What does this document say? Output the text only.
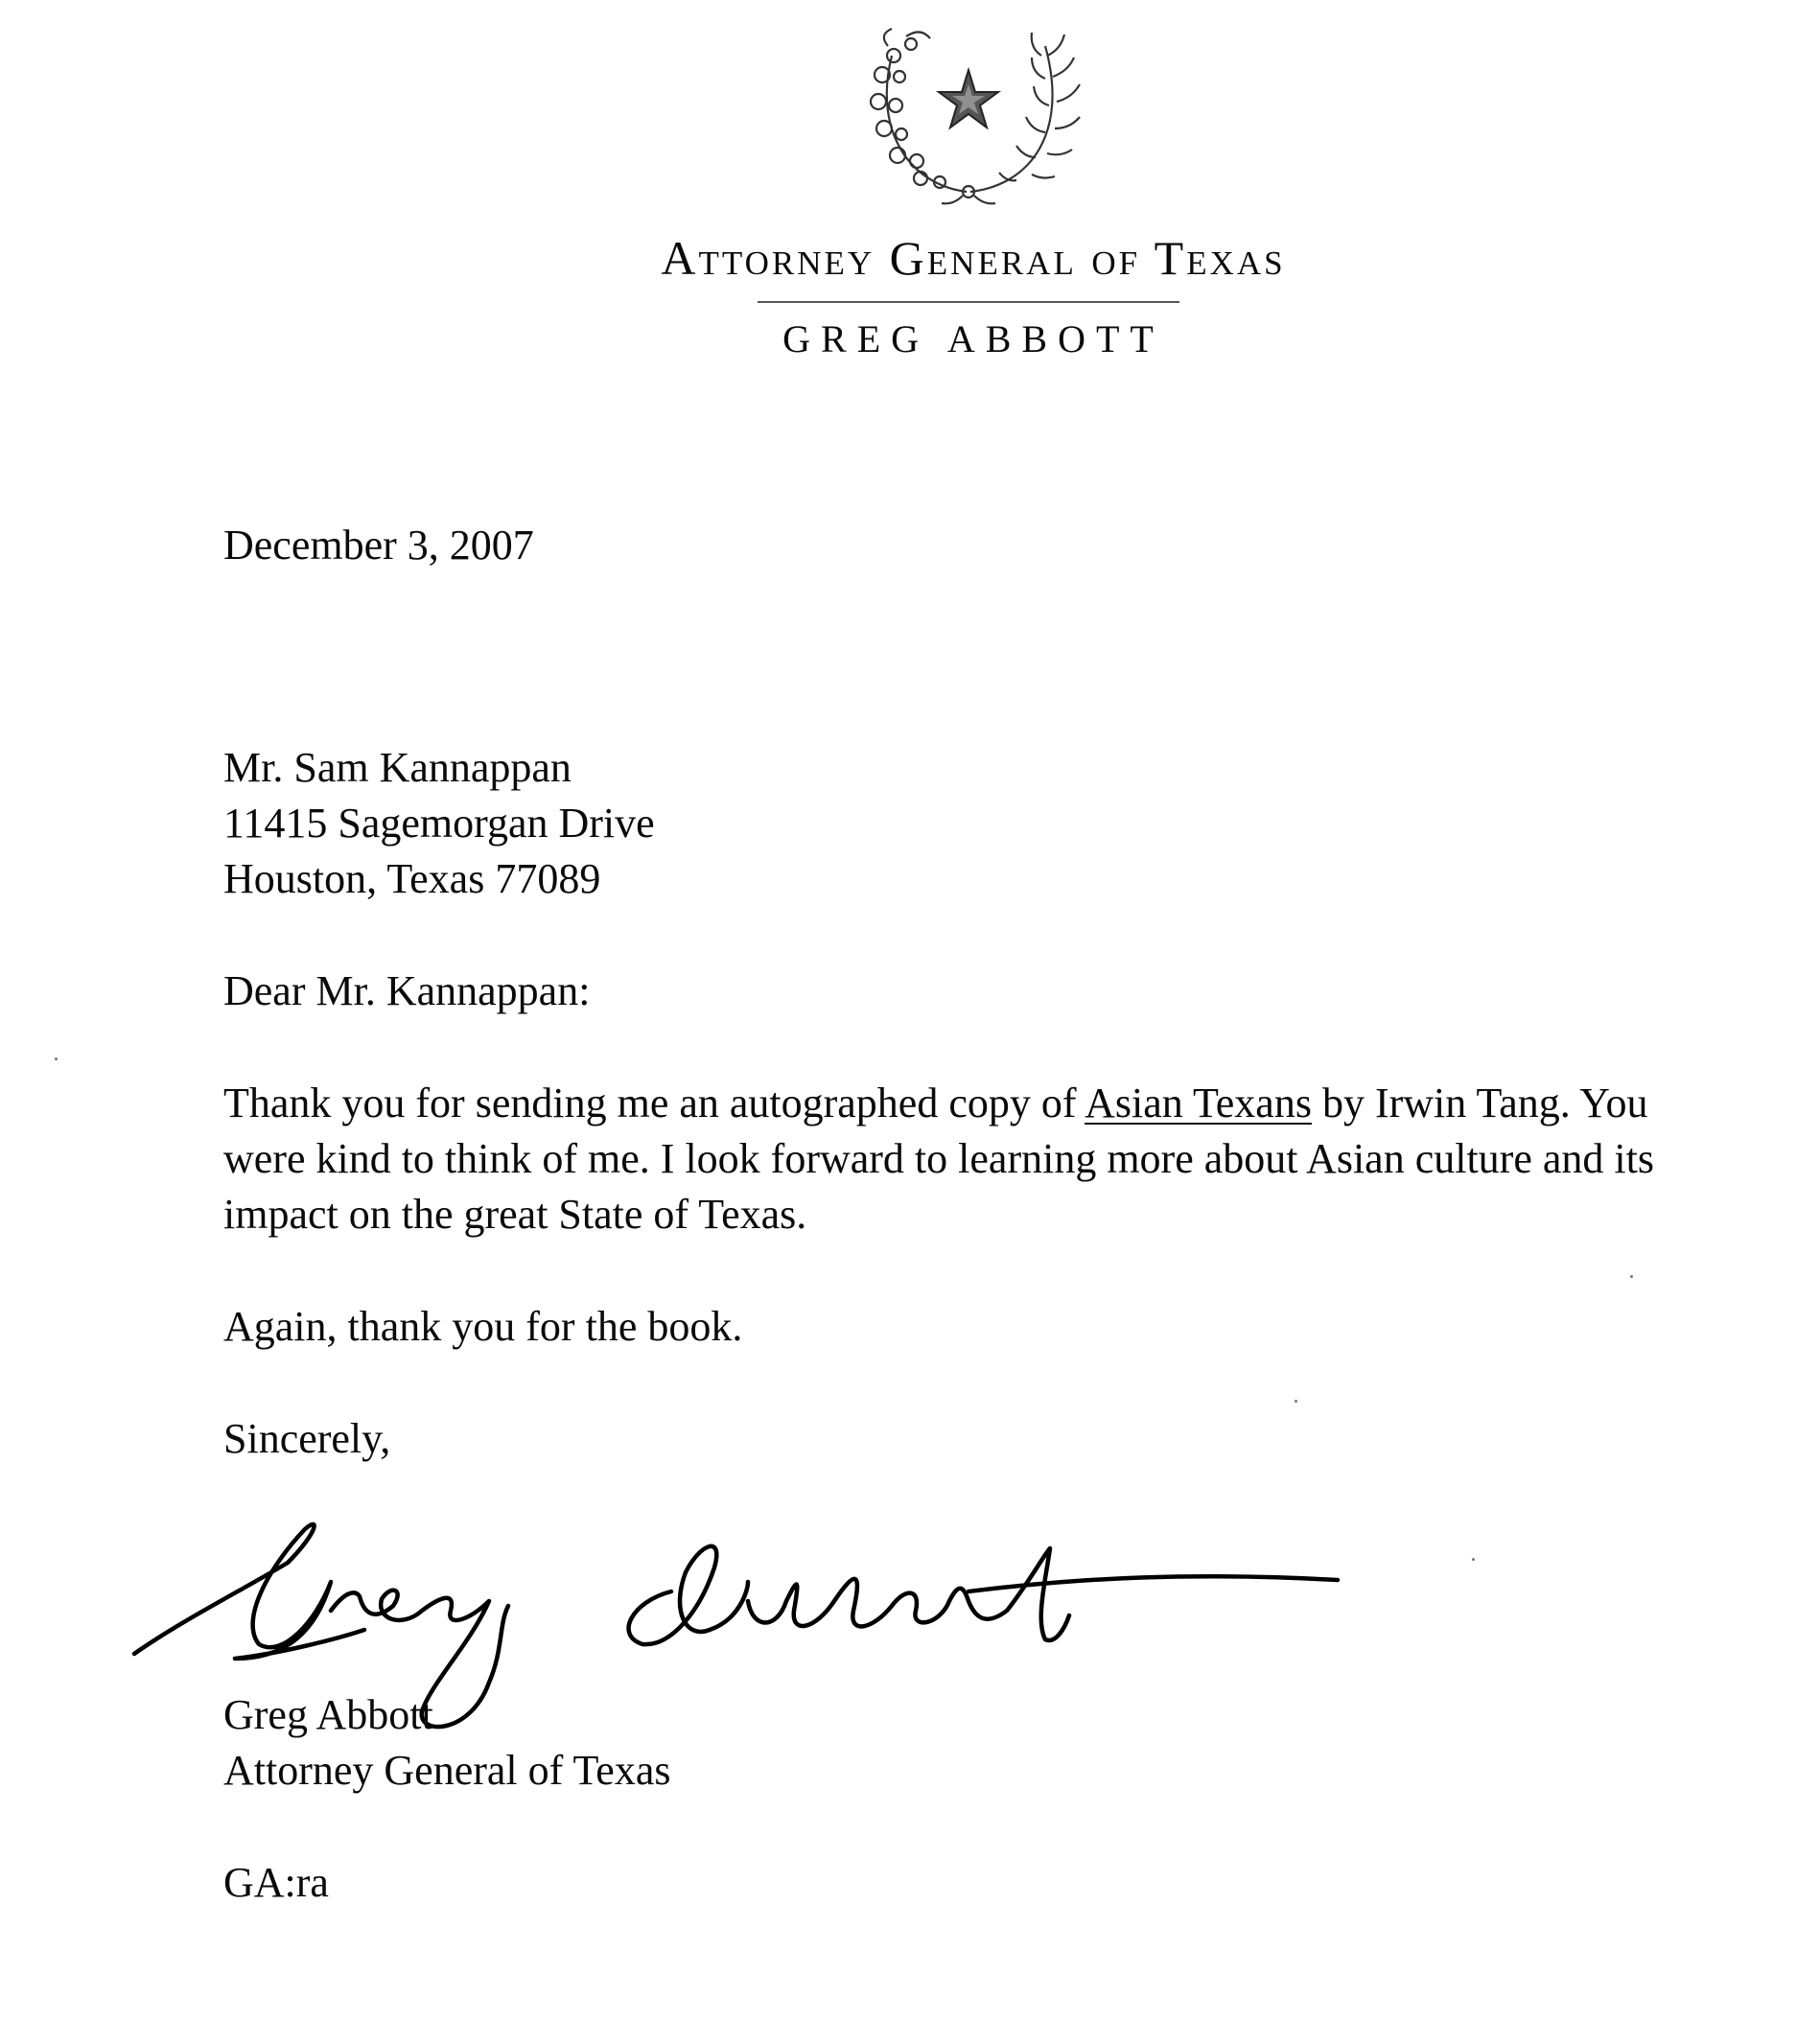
Attorney General of Texas
GREG ABBOTT
December 3, 2007
Mr. Sam Kannappan
11415 Sagemorgan Drive
Houston, Texas 77089
Dear Mr. Kannappan:
Thank you for sending me an autographed copy of Asian Texans by Irwin Tang. You were kind to think of me. I look forward to learning more about Asian culture and its impact on the great State of Texas.
Again, thank you for the book.
Sincerely,
Greg Abbott
Attorney General of Texas
GA:ra
